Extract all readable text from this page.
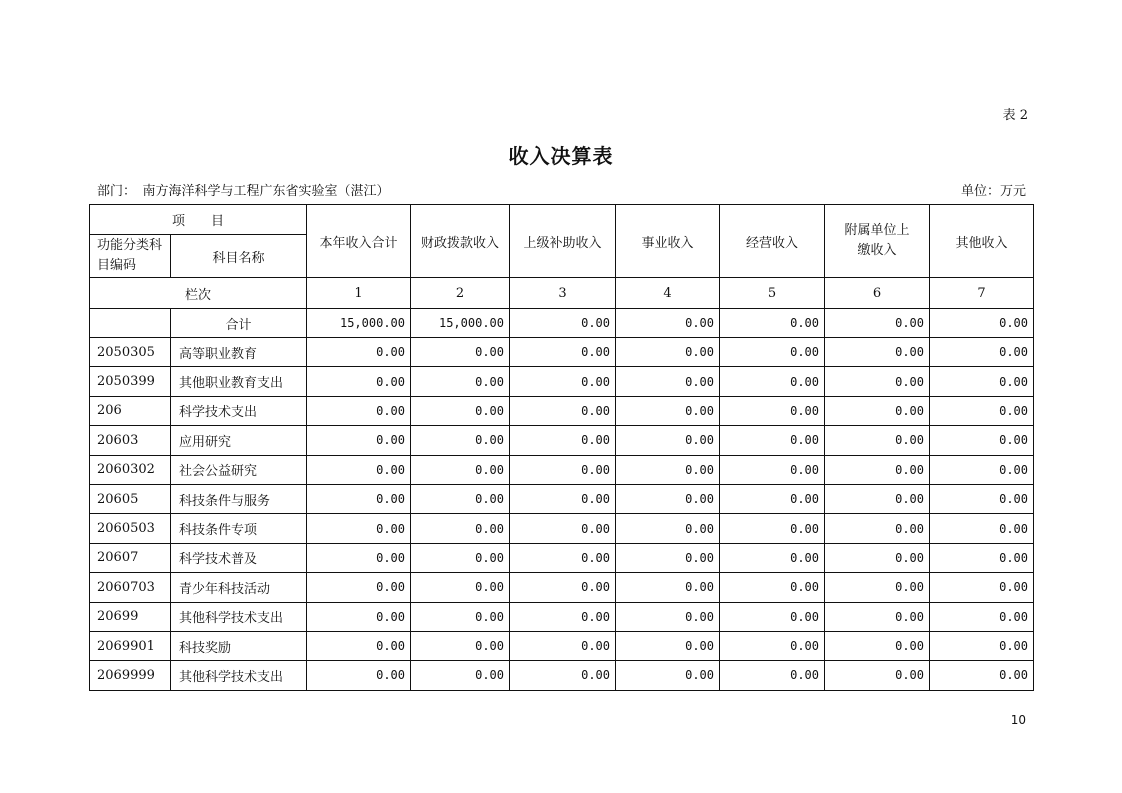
表 2
收入决算表
部门：　南方海洋科学与工程广东省实验室（湛江）	单位：万元
项　　目		本年收入合计	财政拨款收入	上级补助收入	事业收入	经营收入	附属单位上缴收入	其他收入
功能分类科目编码	科目名称							
栏次		1	2	3	4	5	6	7
	合计	15,000.00	15,000.00	0.00	0.00	0.00	0.00	0.00
2050305	高等职业教育	0.00	0.00	0.00	0.00	0.00	0.00	0.00
2050399	其他职业教育支出	0.00	0.00	0.00	0.00	0.00	0.00	0.00
206	科学技术支出	0.00	0.00	0.00	0.00	0.00	0.00	0.00
20603	应用研究	0.00	0.00	0.00	0.00	0.00	0.00	0.00
2060302	社会公益研究	0.00	0.00	0.00	0.00	0.00	0.00	0.00
20605	科技条件与服务	0.00	0.00	0.00	0.00	0.00	0.00	0.00
2060503	科技条件专项	0.00	0.00	0.00	0.00	0.00	0.00	0.00
20607	科学技术普及	0.00	0.00	0.00	0.00	0.00	0.00	0.00
2060703	青少年科技活动	0.00	0.00	0.00	0.00	0.00	0.00	0.00
20699	其他科学技术支出	0.00	0.00	0.00	0.00	0.00	0.00	0.00
2069901	科技奖励	0.00	0.00	0.00	0.00	0.00	0.00	0.00
2069999	其他科学技术支出	0.00	0.00	0.00	0.00	0.00	0.00	0.00
10
